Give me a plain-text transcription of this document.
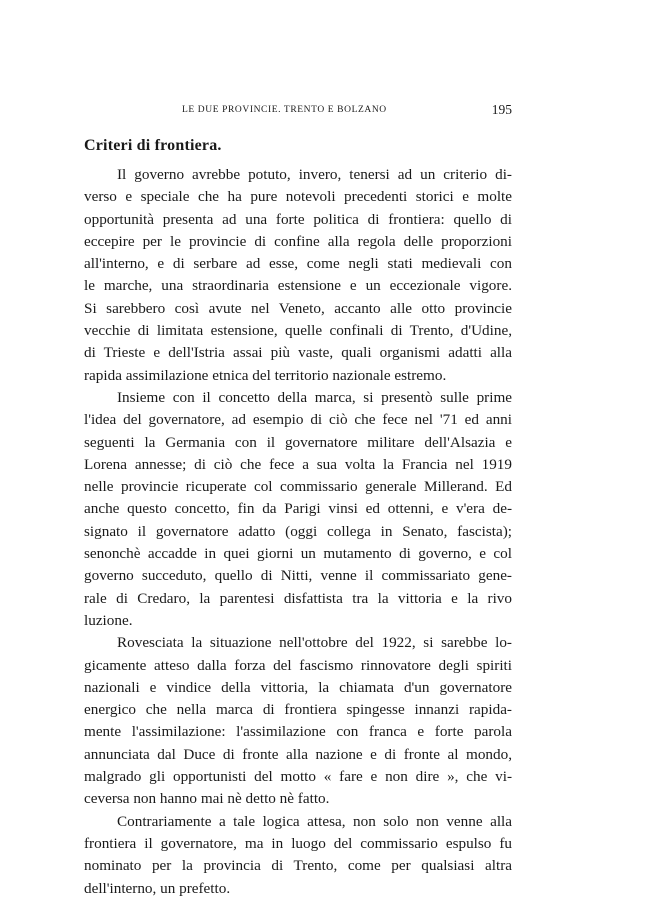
LE DUE PROVINCIE. TRENTO E BOLZANO	195
Criteri di frontiera.
Il governo avrebbe potuto, invero, tenersi ad un criterio di-
verso e speciale che ha pure notevoli precedenti storici e molte
opportunità presenta ad una forte politica di frontiera: quello di
eccepire per le provincie di confine alla regola delle proporzioni
all'interno, e di serbare ad esse, come negli stati medievali con
le marche, una straordinaria estensione e un eccezionale vigore.
Si sarebbero così avute nel Veneto, accanto alle otto provincie
vecchie di limitata estensione, quelle confinali di Trento, d'Udine,
di Trieste e dell'Istria assai più vaste, quali organismi adatti alla
rapida assimilazione etnica del territorio nazionale estremo.
Insieme con il concetto della marca, si presentò sulle prime
l'idea del governatore, ad esempio di ciò che fece nel '71 ed anni
seguenti la Germania con il governatore militare dell'Alsazia e
Lorena annesse; di ciò che fece a sua volta la Francia nel 1919
nelle provincie ricuperate col commissario generale Millerand. Ed
anche questo concetto, fin da Parigi vinsi ed ottenni, e v'era de-
signato il governatore adatto (oggi collega in Senato, fascista);
senonchè accadde in quei giorni un mutamento di governo, e col
governo succeduto, quello di Nitti, venne il commissariato gene-
rale di Credaro, la parentesi disfattista tra la vittoria e la rivo
luzione.
Rovesciata la situazione nell'ottobre del 1922, si sarebbe lo-
gicamente atteso dalla forza del fascismo rinnovatore degli spiriti
nazionali e vindice della vittoria, la chiamata d'un governatore
energico che nella marca di frontiera spingesse innanzi rapida-
mente l'assimilazione: l'assimilazione con franca e forte parola
annunciata dal Duce di fronte alla nazione e di fronte al mondo,
malgrado gli opportunisti del motto « fare e non dire », che vi-
ceversa non hanno mai nè detto nè fatto.
Contrariamente a tale logica attesa, non solo non venne alla
frontiera il governatore, ma in luogo del commissario espulso fu
nominato per la provincia di Trento, come per qualsiasi altra
dell'interno, un prefetto.
